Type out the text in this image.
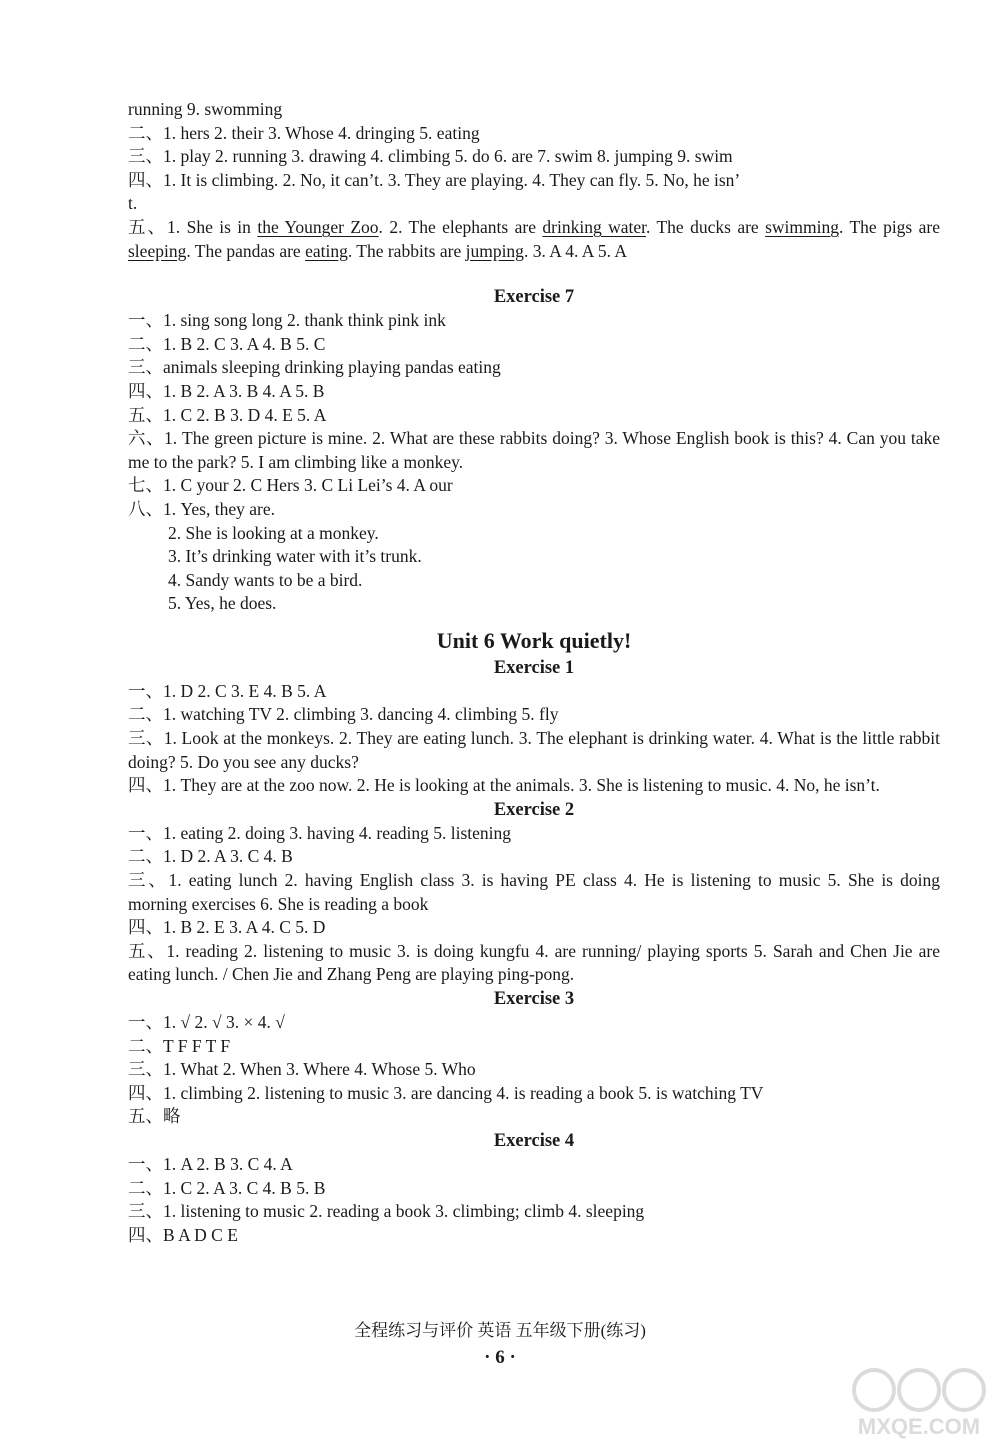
running 9. swomming
二、1. hers 2. their 3. Whose 4. dringing 5. eating
三、1. play 2. running 3. drawing 4. climbing 5. do 6. are 7. swim 8. jumping 9. swim
四、1. It is climbing. 2. No, it can’t. 3. They are playing. 4. They can fly. 5. No, he isn’
t.
五、1. She is in the Younger Zoo. 2. The elephants are drinking water. The ducks are swimming. The pigs are sleeping. The pandas are eating. The rabbits are jumping. 3. A 4. A 5. A
Exercise 7
一、1. sing song long 2. thank think pink ink
二、1. B 2. C 3. A 4. B 5. C
三、animals sleeping drinking playing pandas eating
四、1. B 2. A 3. B 4. A 5. B
五、1. C 2. B 3. D 4. E 5. A
六、1. The green picture is mine. 2. What are these rabbits doing? 3. Whose English book is this? 4. Can you take me to the park? 5. I am climbing like a monkey.
七、1. C your 2. C Hers 3. C Li Lei’s 4. A our
八、1. Yes, they are.
2. She is looking at a monkey.
3. It’s drinking water with it’s trunk.
4. Sandy wants to be a bird.
5. Yes, he does.
Unit 6 Work quietly!
Exercise 1
一、1. D 2. C 3. E 4. B 5. A
二、1. watching TV 2. climbing 3. dancing 4. climbing 5. fly
三、1. Look at the monkeys. 2. They are eating lunch. 3. The elephant is drinking water. 4. What is the little rabbit doing? 5. Do you see any ducks?
四、1. They are at the zoo now. 2. He is looking at the animals. 3. She is listening to music. 4. No, he isn’t.
Exercise 2
一、1. eating 2. doing 3. having 4. reading 5. listening
二、1. D 2. A 3. C 4. B
三、1. eating lunch 2. having English class 3. is having PE class 4. He is listening to music 5. She is doing morning exercises 6. She is reading a book
四、1. B 2. E 3. A 4. C 5. D
五、1. reading 2. listening to music 3. is doing kungfu 4. are running/ playing sports 5. Sarah and Chen Jie are eating lunch. / Chen Jie and Zhang Peng are playing ping-pong.
Exercise 3
一、1. √ 2. √ 3. × 4. √
二、T F F T F
三、1. What 2. When 3. Where 4. Whose 5. Who
四、1. climbing 2. listening to music 3. are dancing 4. is reading a book 5. is watching TV
五、略
Exercise 4
一、1. A 2. B 3. C 4. A
二、1. C 2. A 3. C 4. B 5. B
三、1. listening to music 2. reading a book 3. climbing; climb 4. sleeping
四、B A D C E
全程练习与评价 英语 五年级下册(练习)
· 6 ·
MXQE.COM
